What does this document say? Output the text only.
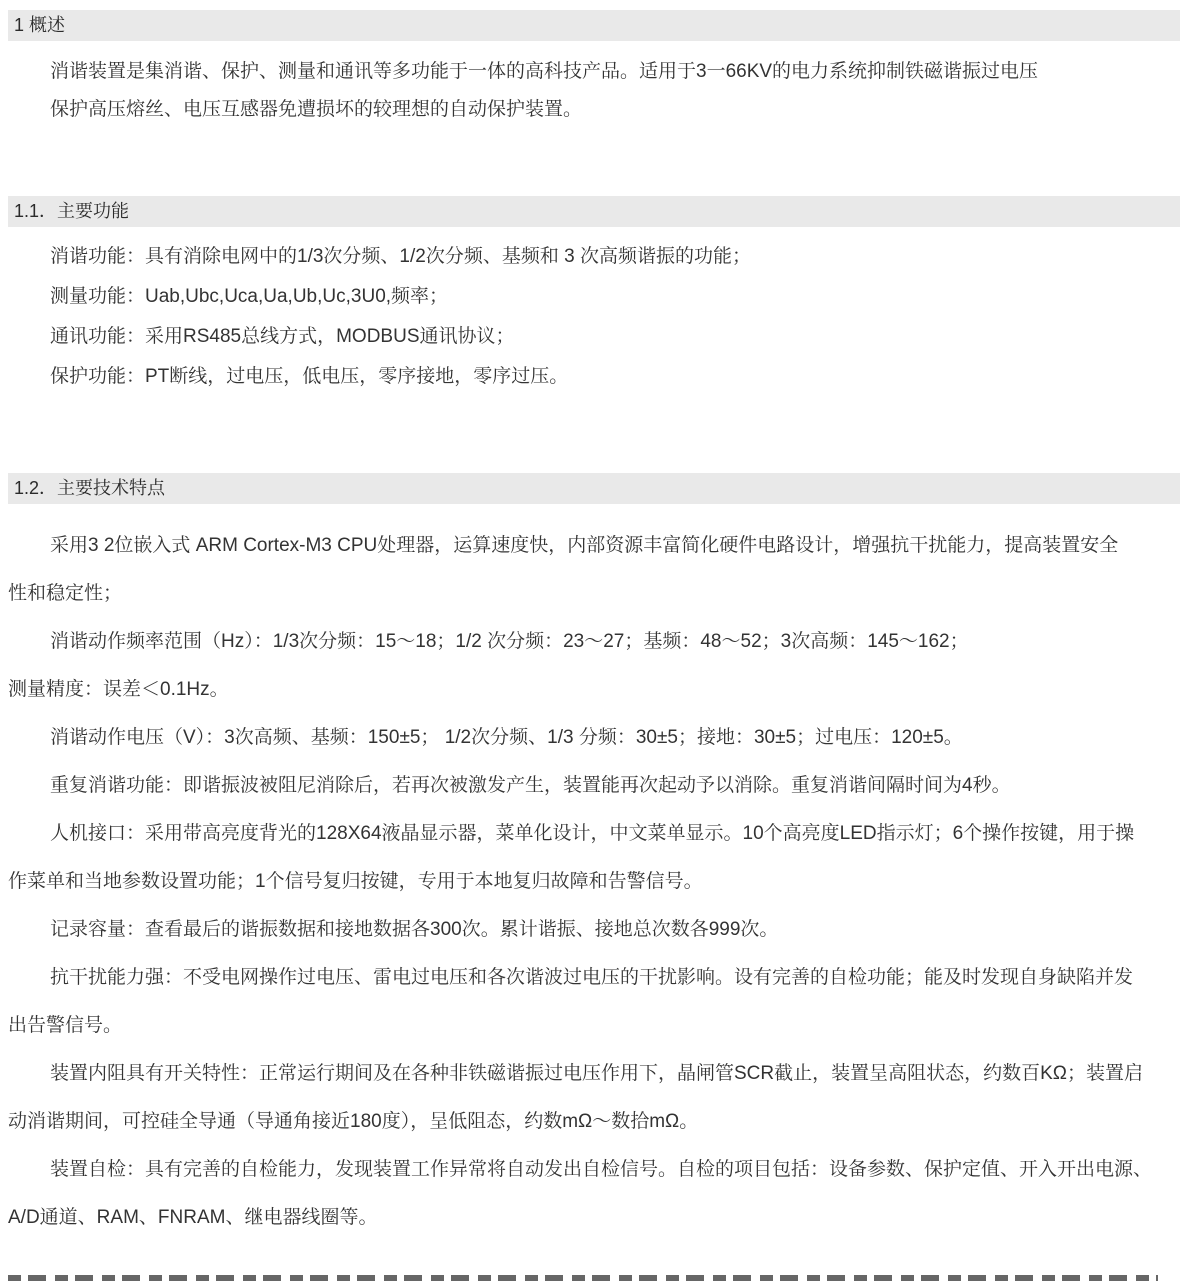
1 概述
消谐装置是集消谐、保护、测量和通讯等多功能于一体的高科技产品。适用于3一66KV的电力系统抑制铁磁谐振过电压
保护高压熔丝、电压互感器免遭损坏的较理想的自动保护装置。
1.1．主要功能
消谐功能：具有消除电网中的1/3次分频、1/2次分频、基频和 3 次高频谐振的功能；
测量功能：Uab,Ubc,Uca,Ua,Ub,Uc,3U0,频率；
通讯功能：采用RS485总线方式，MODBUS通讯协议；
保护功能：PT断线，过电压，低电压，零序接地，零序过压。
1.2．主要技术特点
采用3 2位嵌入式 ARM Cortex-M3 CPU处理器，运算速度快，内部资源丰富简化硬件电路设计，增强抗干扰能力，提高装置安全
性和稳定性；
消谐动作频率范围（Hz）：1/3次分频：15～18；1/2 次分频：23～27；基频：48～52；3次高频：145～162；
测量精度：误差＜0.1Hz。
消谐动作电压（V）：3次高频、基频：150±5； 1/2次分频、1/3 分频：30±5；接地：30±5；过电压：120±5。
重复消谐功能：即谐振波被阻尼消除后，若再次被激发产生，装置能再次起动予以消除。重复消谐间隔时间为4秒。
人机接口：采用带高亮度背光的128X64液晶显示器，菜单化设计，中文菜单显示。10个高亮度LED指示灯；6个操作按键，用于操
作菜单和当地参数设置功能；1个信号复归按键，专用于本地复归故障和告警信号。
记录容量：查看最后的谐振数据和接地数据各300次。累计谐振、接地总次数各999次。
抗干扰能力强：不受电网操作过电压、雷电过电压和各次谐波过电压的干扰影响。设有完善的自检功能；能及时发现自身缺陷并发
出告警信号。
装置内阻具有开关特性：正常运行期间及在各种非铁磁谐振过电压作用下，晶闸管SCR截止，装置呈高阻状态，约数百KΩ；装置启
动消谐期间，可控硅全导通（导通角接近180度），呈低阻态，约数mΩ～数拾mΩ。
装置自检：具有完善的自检能力，发现装置工作异常将自动发出自检信号。自检的项目包括：设备参数、保护定值、开入开出电源、
A/D通道、RAM、FNRAM、继电器线圈等。
